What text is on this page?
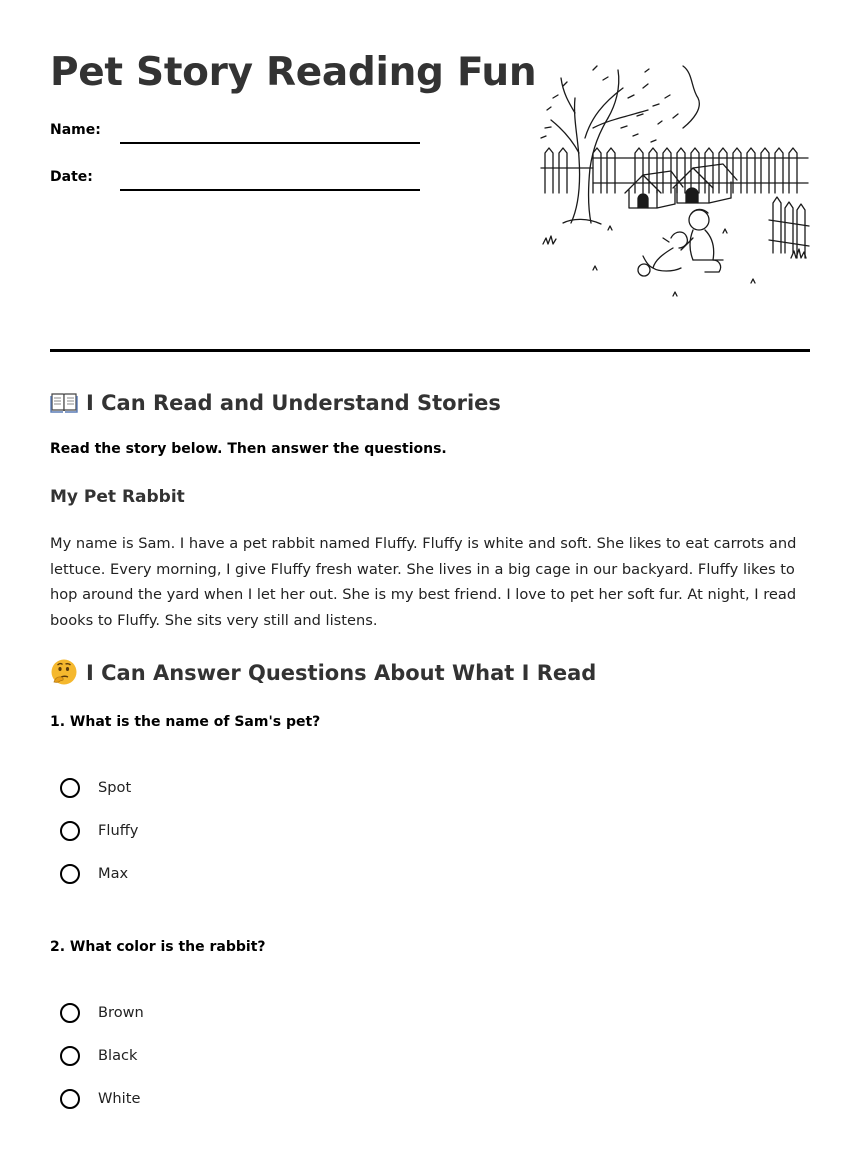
Pet Story Reading Fun
Name:
Date:
I Can Read and Understand Stories
Read the story below. Then answer the questions.
My Pet Rabbit

My name is Sam. I have a pet rabbit named Fluffy. Fluffy is white and soft. She likes to eat carrots and lettuce. Every morning, I give Fluffy fresh water. She lives in a big cage in our backyard. Fluffy likes to hop around the yard when I let her out. She is my best friend. I love to pet her soft fur. At night, I read books to Fluffy. She sits very still and listens.

I Can Answer Questions About What I Read
1. What is the name of Sam's pet?
Spot
Fluffy
Max
2. What color is the rabbit?
Brown
Black
White
